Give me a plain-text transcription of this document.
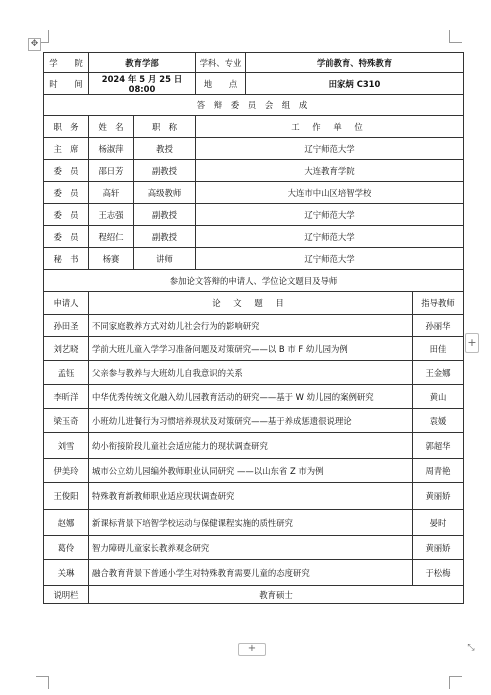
✥
+
+	⤡
学　　院	教育学部		学科、专业	学前教育、特殊教育	
时　　间	2024 年 5 月 25 日 08:00		地　　点	田家炳 C310	
答 辩 委 员 会 组 成					
职　务	姓　名	职　称	工 作 单 位		
主　席	杨淑萍	教授	辽宁师范大学		
委　员	邵日芳	副教授	大连教育学院		
委　员	高轩	高级教师	大连市中山区培智学校		
委　员	王志强	副教授	辽宁师范大学		
委　员	程绍仁	副教授	辽宁师范大学		
秘　书	杨赛	讲师	辽宁师范大学		
参加论文答辩的申请人、学位论文题目及导师					
申请人	论 文 题 目				指导教师
孙田圣	不同家庭教养方式对幼儿社会行为的影响研究				孙丽华
刘艺晓	学前大班儿童入学学习准备问题及对策研究——以 B 市 F 幼儿园为例				田佳
孟钰	父亲参与教养与大班幼儿自我意识的关系				王金娜
李昕洋	中华优秀传统文化融入幼儿园教育活动的研究——基于 W 幼儿园的案例研究				黄山
梁玉奇	小班幼儿进餐行为习惯培养现状及对策研究——基于养成惩遗很说理论				袁媛
刘雪	幼小衔接阶段儿童社会适应能力的现状调查研究				郭超华
伊美玲	城市公立幼儿园编外教师职业认同研究 ——以山东省 Z 市为例				周青艳
王俊阳	特殊教育新教师职业适应现状调查研究				黄丽娇
赵娜	新课标背景下培智学校运动与保健课程实施的质性研究				晏时
葛伶	智力障碍儿童家长教养观念研究				黄丽娇
关琳	融合教育背景下普通小学生对特殊教育需要儿童的态度研究				于松梅
说明栏	教育硕士				
